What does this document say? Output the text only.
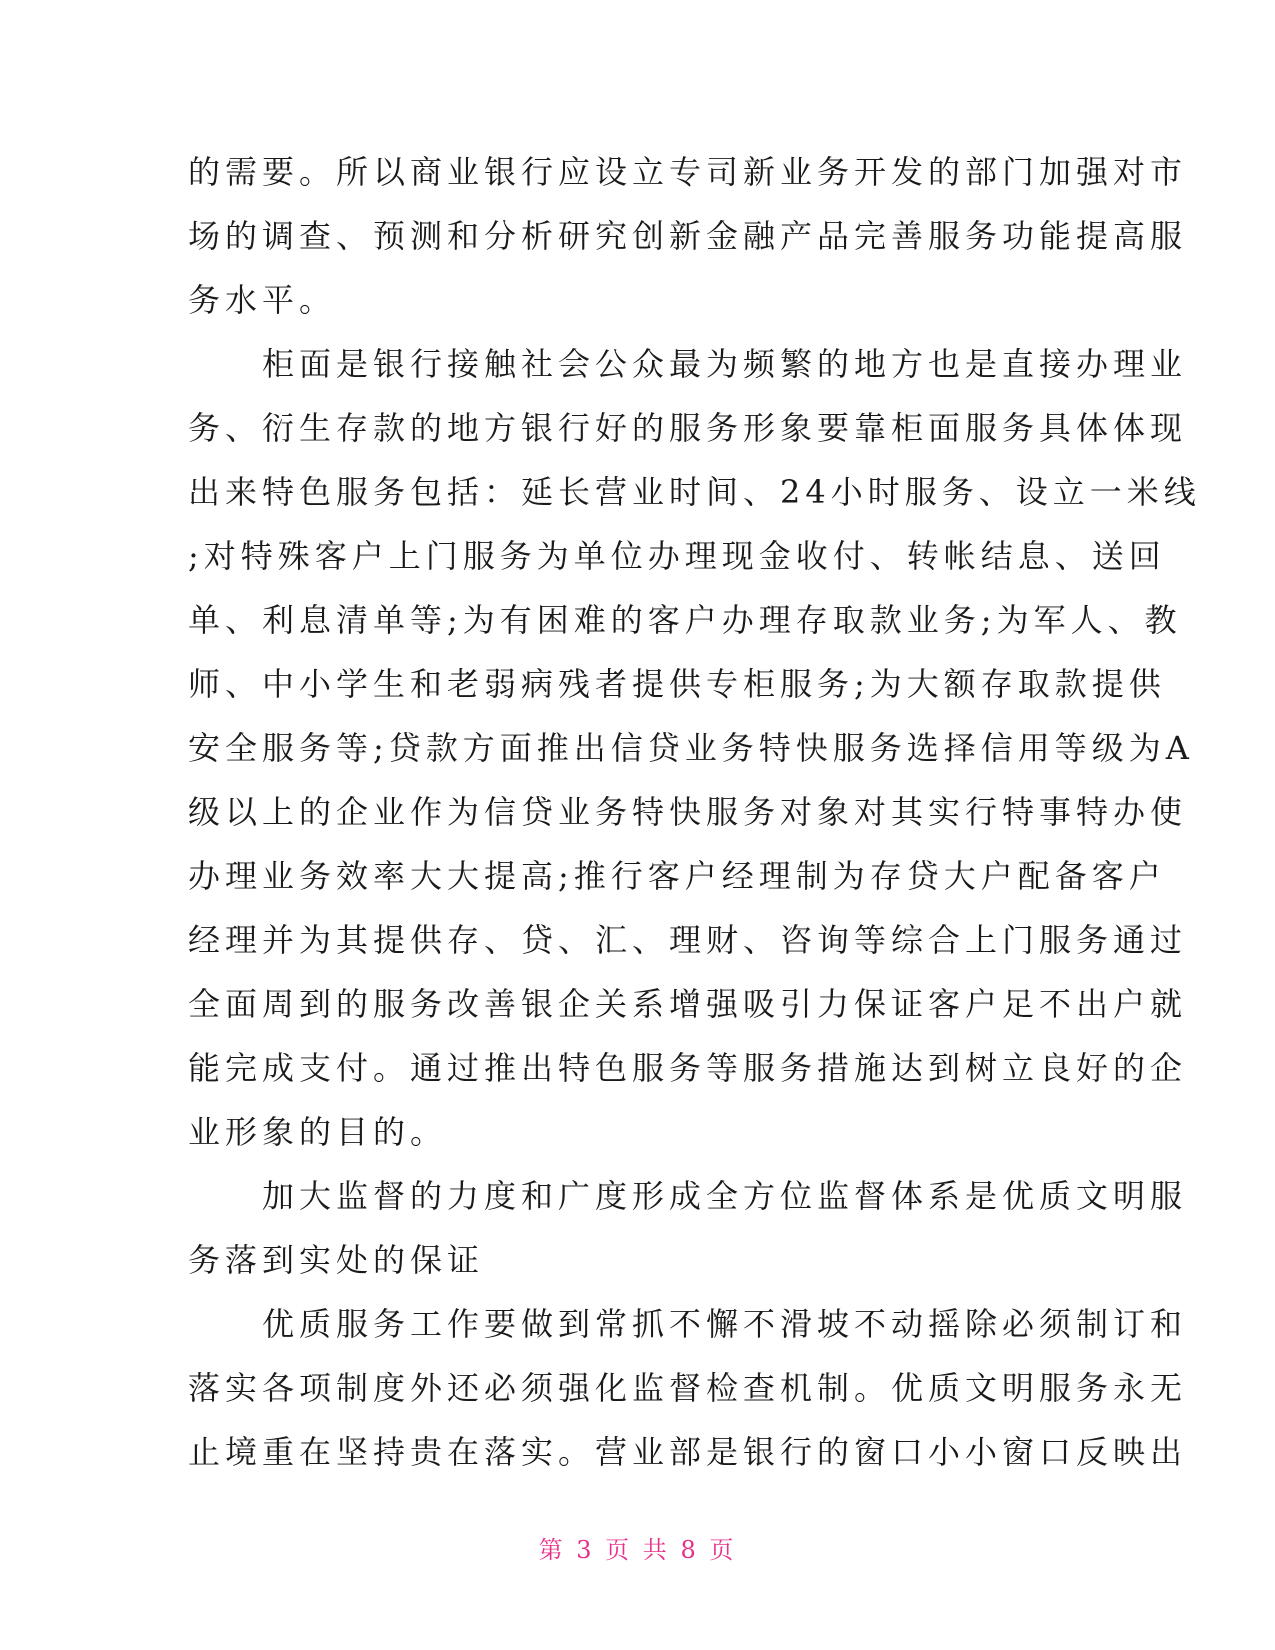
的需要。所以商业银行应设立专司新业务开发的部门加强对市
场的调查、预测和分析研究创新金融产品完善服务功能提高服
务水平。
　　柜面是银行接触社会公众最为频繁的地方也是直接办理业
务、衍生存款的地方银行好的服务形象要靠柜面服务具体体现
出来特色服务包括：延长营业时间、24小时服务、设立一米线
;对特殊客户上门服务为单位办理现金收付、转帐结息、送回
单、利息清单等;为有困难的客户办理存取款业务;为军人、教
师、中小学生和老弱病残者提供专柜服务;为大额存取款提供
安全服务等;贷款方面推出信贷业务特快服务选择信用等级为A
级以上的企业作为信贷业务特快服务对象对其实行特事特办使
办理业务效率大大提高;推行客户经理制为存贷大户配备客户
经理并为其提供存、贷、汇、理财、咨询等综合上门服务通过
全面周到的服务改善银企关系增强吸引力保证客户足不出户就
能完成支付。通过推出特色服务等服务措施达到树立良好的企
业形象的目的。
　　加大监督的力度和广度形成全方位监督体系是优质文明服
务落到实处的保证
　　优质服务工作要做到常抓不懈不滑坡不动摇除必须制订和
落实各项制度外还必须强化监督检查机制。优质文明服务永无
止境重在坚持贵在落实。营业部是银行的窗口小小窗口反映出
第 3 页 共 8 页
